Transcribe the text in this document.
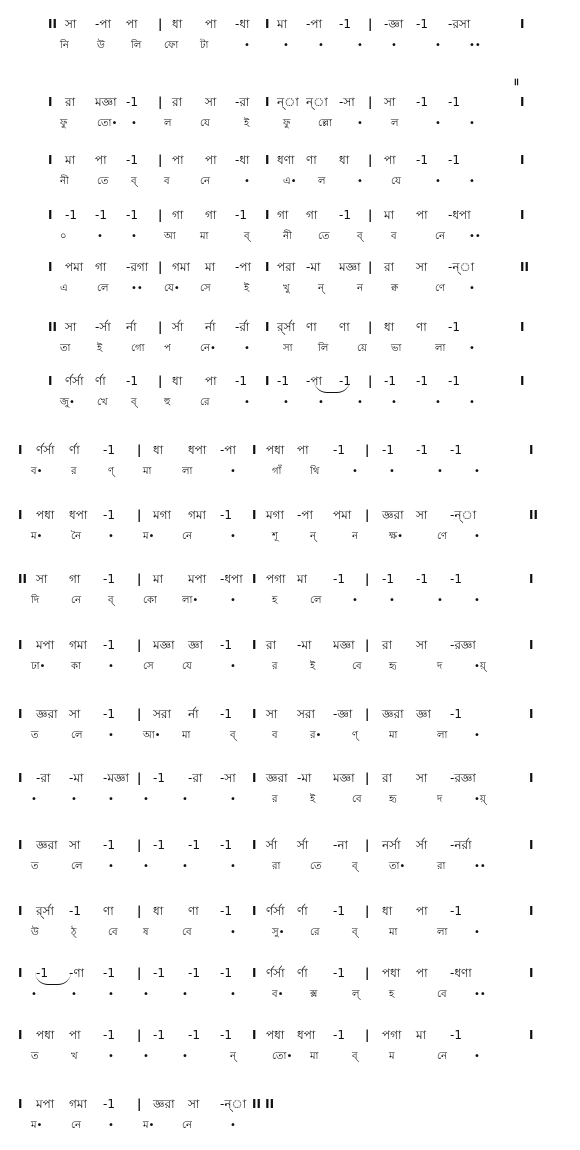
II সা -পা পা | ধা পা -ধা I মা -পা -1 | -জ্ঞা -1 -রসা	I
নি	উ	লি ফো টা	•	•	•	•	•	•	••
I রা মজ্ঞা -1 | রা সা -রা I ন্‌া ন্‌া -সা | সা -1 -1	I
ফু	তো• •	ল	যে	ই	ফু	ল্লো •	ল	•	•
I মা পা -1 | পা পা -ধা I ধণা ণা ধা | পা -1 -1	I
নী	তে ব্‌	ব	নে	•	এ• ল	•	যে	•	•
I -1 -1 -1 | গা গা -1 I গা গা -1 | মা পা -ধপা	I
০	•	•	আ মা	ব্‌	নী	তে	ব্‌	ব	নে ••
I পমা গা -রগা | গমা মা -পা I পরা -মা মজ্ঞা | রা সা -ন্‌া	II
এ	লে •• যে• সে	ই	খু	ন্	ন	ক্ব	ণে •
II সা -র্সা র্না | র্সা র্না -র্রা I র্র্সা ণা ণা | ধা ণা -1	I
তা	ই	গো প	নে•	•	সা	লি	য়ে ভা	লা •
I র্ণর্সা র্ণা -1 | ধা পা -1 I -1 -পা -1 | -1 -1 -1	I
জু• খে ব্‌	হু	রে	•	•	•	•	•	•	•
I র্ণর্সা র্ণা -1 | ধা ধপা -পা I পধা পা -1 | -1 -1 -1	I
ব•	র	ণ্‌	মা	লা	•	গাঁ	থি	•	•	•	•
I পধা ধপা -1 | মগা গমা -1 I মগা -পা পমা | জ্ঞরা সা -ন্‌া	II
ম•	নৈ	•	ম•	নে	•	শূ	ন্	ন	ক্ষ•	ণে	•
II সা গা -1 | মা মপা -ধপা I পগা মা -1 | -1 -1 -1	I
দি	নে	ব্‌	কো	লা•	•	হ	লে	•	•	•	•
I মপা গমা -1 | মজ্ঞা জ্ঞা -1 I রা -মা মজ্ঞা | রা সা -রজ্ঞা	I
ঢা•	কা	•	সে	যে	•	র	ই	বে	হৃ	দ	•য়্‌
I জ্ঞরা সা -1 | সরা র্না -1 I সা সরা -জ্ঞা | জ্ঞরা জ্ঞা -1	I
ত	লে	•	আ• মা	ব্‌	ব	র•	ণ্‌	মা	লা	•
I -রা -মা -মজ্ঞা | -1 -রা -সা I জ্ঞরা -মা মজ্ঞা | রা সা -রজ্ঞা	I
•	•	•	•	•	•	র	ই	বে	হৃ	দ	•য়্‌
I জ্ঞরা সা -1 | -1 -1 -1 I র্সা র্সা -না | নর্সা র্সা -নর্রা	I
ত	লে	•	•	•	•	রা	তে	ব্‌	তা•	রা	••
I র্র্সা -1 ণা | ধা ণা -1 I র্ণর্সা র্ণা -1 | ধা পা -1	I
উ	ঠ্‌	বে	ষ	বে	•	সু•	রে	ব্‌	মা	লা	•
I -1 -ণা -1 | -1 -1 -1 I র্ণর্সা র্ণা -1 | পধা পা -ধণা	I
•	•	•	•	•	•	ব•	ক্স	ল্‌	হ	বে	••
I পধা পা -1 | -1 -1 -1 I পধা ধপা -1 | পগা মা -1	I
ত	খ	•	•	•	ন্‌	তো• মা	ব্‌	ম	নে	•
I মপা গমা -1 | জ্ঞরা সা -ন্‌া II II
ম•	নে	•	ম•	নে	•
॥
